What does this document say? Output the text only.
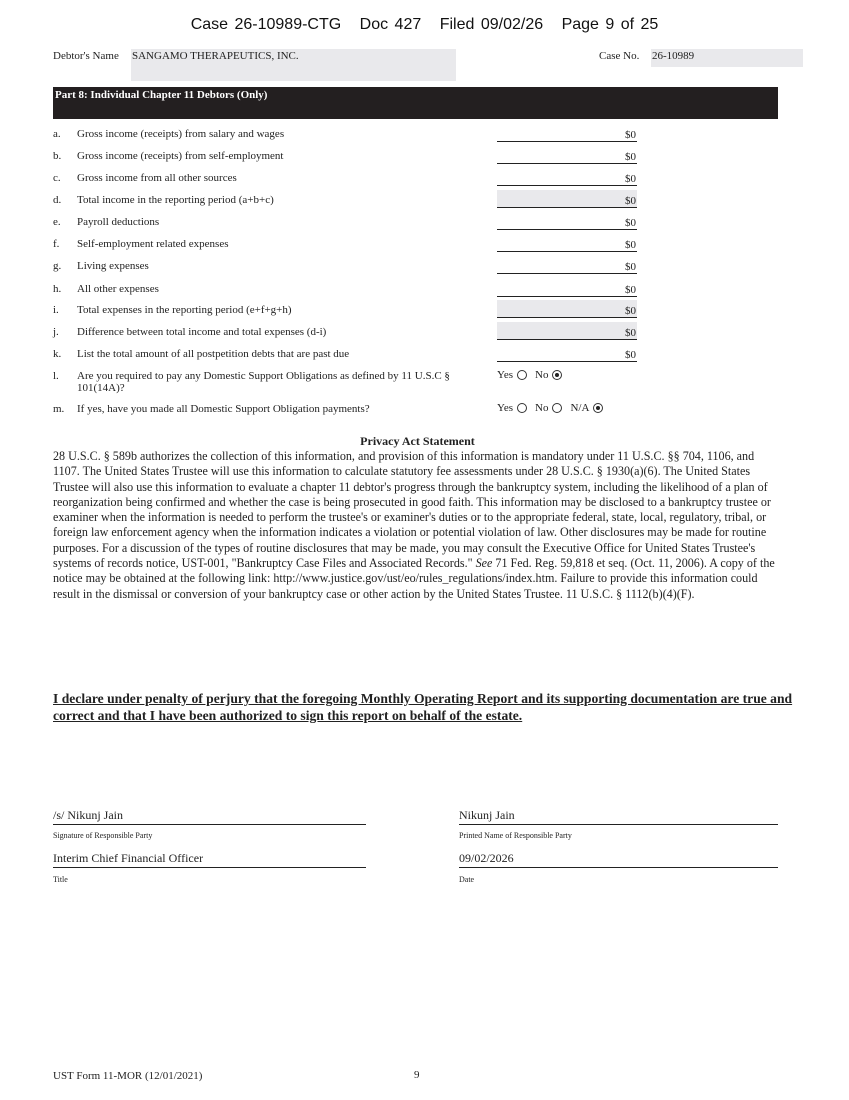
Case 26-10989-CTG Doc 427 Filed 09/02/26 Page 9 of 25
Debtor's Name SANGAMO THERAPEUTICS, INC.	Case No. 26-10989
Part 8: Individual Chapter 11 Debtors (Only)
a.	Gross income (receipts) from salary and wages	$0
b.	Gross income (receipts) from self-employment	$0
c.	Gross income from all other sources	$0
d.	Total income in the reporting period (a+b+c)	$0
e.	Payroll deductions	$0
f.	Self-employment related expenses	$0
g.	Living expenses	$0
h.	All other expenses	$0
i.	Total expenses in the reporting period (e+f+g+h)	$0
j.	Difference between total income and total expenses (d-i)	$0
k.	List the total amount of all postpetition debts that are past due	$0
l.	Are you required to pay any Domestic Support Obligations as defined by 11 U.S.C § 101(14A)?
Yes No
m.	If yes, have you made all Domestic Support Obligation payments?	Yes No N/A
Privacy Act Statement
28 U.S.C. § 589b authorizes the collection of this information, and provision of this information is mandatory under 11 U.S.C. §§ 704, 1106, and 1107. The United States Trustee will use this information to calculate statutory fee assessments under 28 U.S.C. § 1930(a)(6). The United States Trustee will also use this information to evaluate a chapter 11 debtor's progress through the bankruptcy system, including the likelihood of a plan of reorganization being confirmed and whether the case is being prosecuted in good faith. This information may be disclosed to a bankruptcy trustee or examiner when the information is needed to perform the trustee's or examiner's duties or to the appropriate federal, state, local, regulatory, tribal, or foreign law enforcement agency when the information indicates a violation or potential violation of law. Other disclosures may be made for routine purposes. For a discussion of the types of routine disclosures that may be made, you may consult the Executive Office for United States Trustee's systems of records notice, UST-001, "Bankruptcy Case Files and Associated Records." See 71 Fed. Reg. 59,818 et seq. (Oct. 11, 2006). A copy of the notice may be obtained at the following link: http://www.justice.gov/ust/eo/rules_regulations/index.htm. Failure to provide this information could result in the dismissal or conversion of your bankruptcy case or other action by the United States Trustee. 11 U.S.C. § 1112(b)(4)(F).
I declare under penalty of perjury that the foregoing Monthly Operating Report and its supporting documentation are true and correct and that I have been authorized to sign this report on behalf of the estate.
/s/ Nikunj Jain
Signature of Responsible Party
Nikunj Jain
Printed Name of Responsible Party
Interim Chief Financial Officer
Title
09/02/2026
Date
UST Form 11-MOR (12/01/2021)	9
